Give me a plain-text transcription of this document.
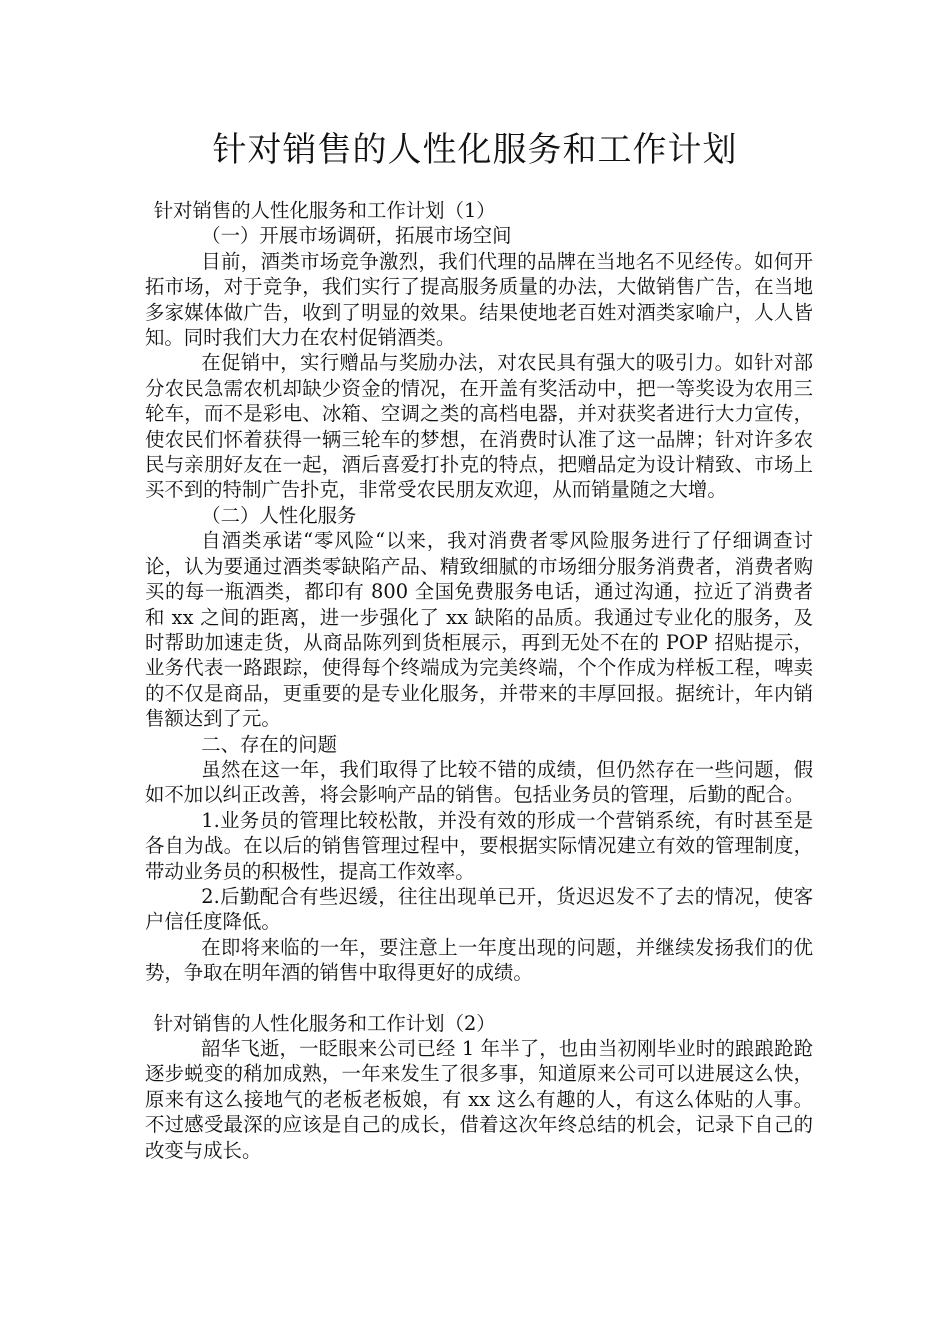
针对销售的人性化服务和工作计划

针对销售的人性化服务和工作计划（1）

（一）开展市场调研，拓展市场空间

目前，酒类市场竞争激烈，我们代理的品牌在当地名不见经传。如何开拓市场，对于竞争，我们实行了提高服务质量的办法，大做销售广告，在当地多家媒体做广告，收到了明显的效果。结果使地老百姓对酒类家喻户，人人皆知。同时我们大力在农村促销酒类。

在促销中，实行赠品与奖励办法，对农民具有强大的吸引力。如针对部分农民急需农机却缺少资金的情况，在开盖有奖活动中，把一等奖设为农用三轮车，而不是彩电、冰箱、空调之类的高档电器，并对获奖者进行大力宣传，使农民们怀着获得一辆三轮车的梦想，在消费时认准了这一品牌；针对许多农民与亲朋好友在一起，酒后喜爱打扑克的特点，把赠品定为设计精致、市场上买不到的特制广告扑克，非常受农民朋友欢迎，从而销量随之大增。

（二）人性化服务

自酒类承诺“零风险“以来，我对消费者零风险服务进行了仔细调查讨论，认为要通过酒类零缺陷产品、精致细腻的市场细分服务消费者，消费者购买的每一瓶酒类，都印有 800 全国免费服务电话，通过沟通，拉近了消费者和 xx 之间的距离，进一步强化了 xx 缺陷的品质。我通过专业化的服务，及时帮助加速走货，从商品陈列到货柜展示，再到无处不在的 POP 招贴提示，业务代表一路跟踪，使得每个终端成为完美终端，个个作成为样板工程，啤卖的不仅是商品，更重要的是专业化服务，并带来的丰厚回报。据统计，年内销售额达到了元。

二、存在的问题

虽然在这一年，我们取得了比较不错的成绩，但仍然存在一些问题，假如不加以纠正改善，将会影响产品的销售。包括业务员的管理，后勤的配合。

1.业务员的管理比较松散，并没有效的形成一个营销系统，有时甚至是各自为战。在以后的销售管理过程中，要根据实际情况建立有效的管理制度，带动业务员的积极性，提高工作效率。

2.后勤配合有些迟缓，往往出现单已开，货迟迟发不了去的情况，使客户信任度降低。

在即将来临的一年，要注意上一年度出现的问题，并继续发扬我们的优势，争取在明年酒的销售中取得更好的成绩。

针对销售的人性化服务和工作计划（2）

韶华飞逝，一眨眼来公司已经 1 年半了，也由当初刚毕业时的踉踉跄跄逐步蜕变的稍加成熟，一年来发生了很多事，知道原来公司可以进展这么快，原来有这么接地气的老板老板娘，有 xx 这么有趣的人，有这么体贴的人事。不过感受最深的应该是自己的成长，借着这次年终总结的机会，记录下自己的改变与成长。
